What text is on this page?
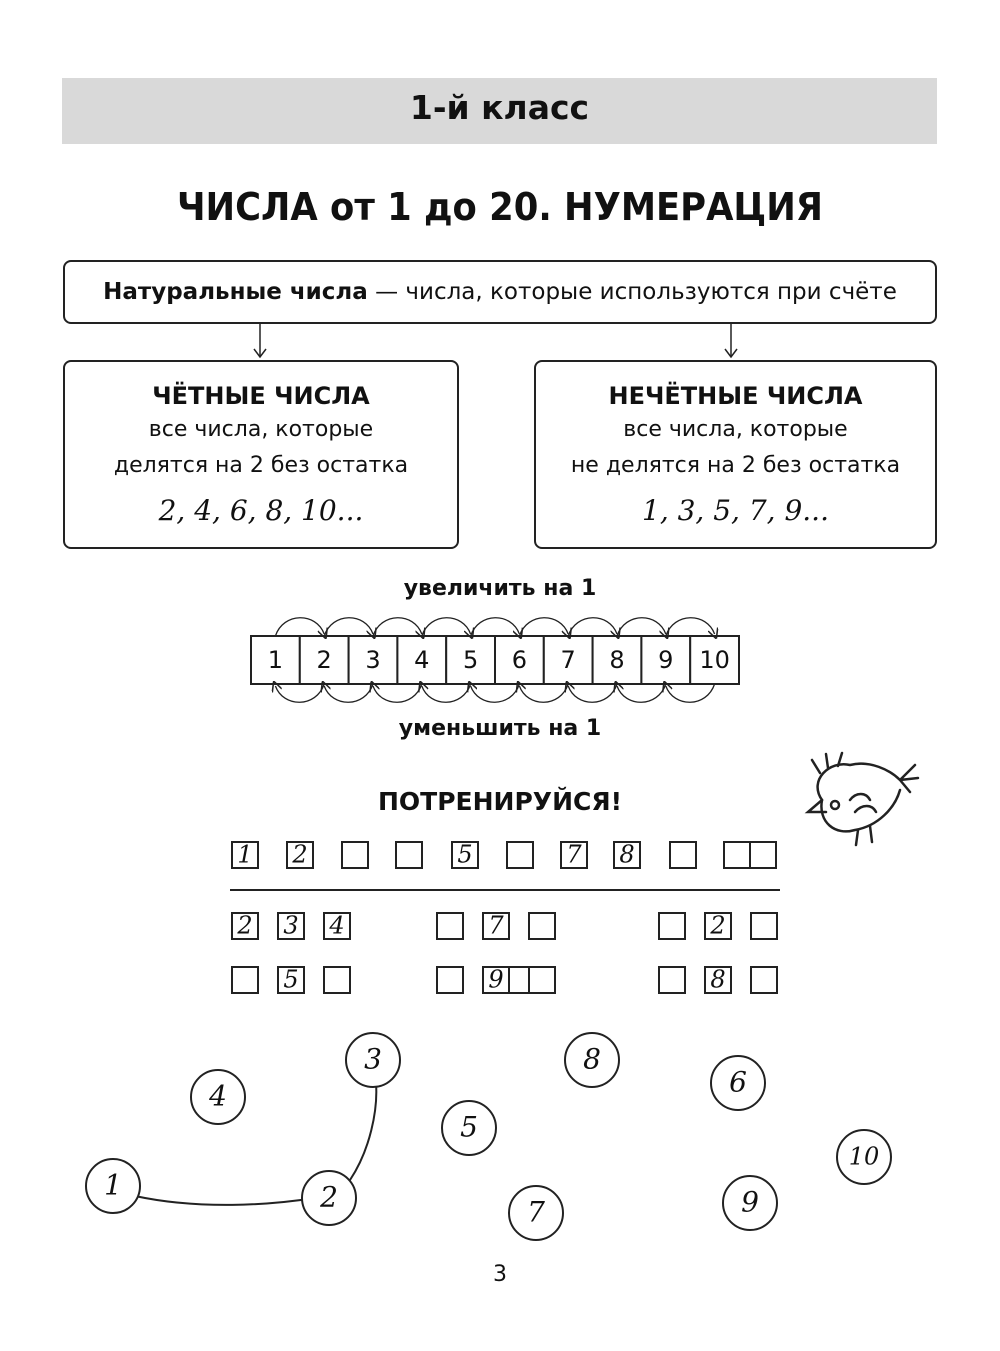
1-й класс
ЧИСЛА от 1 до 20. НУМЕРАЦИЯ
Натуральные числа — числа, которые используются при счёте
ЧЁТНЫЕ ЧИСЛА
все числа, которые
делятся на 2 без остатка
2, 4, 6, 8, 10...
НЕЧЁТНЫЕ ЧИСЛА
все числа, которые
не делятся на 2 без остатка
1, 3, 5, 7, 9...
увеличить на 1
уменьшить на 1
ПОТРЕНИРУЙСЯ!
1 2 3 4 5 6 7 8 9 10
1 2	5	7 8
2 3 4	7	2
5	9	8
1	2
3
4
5
6
7
8
9
10
3
